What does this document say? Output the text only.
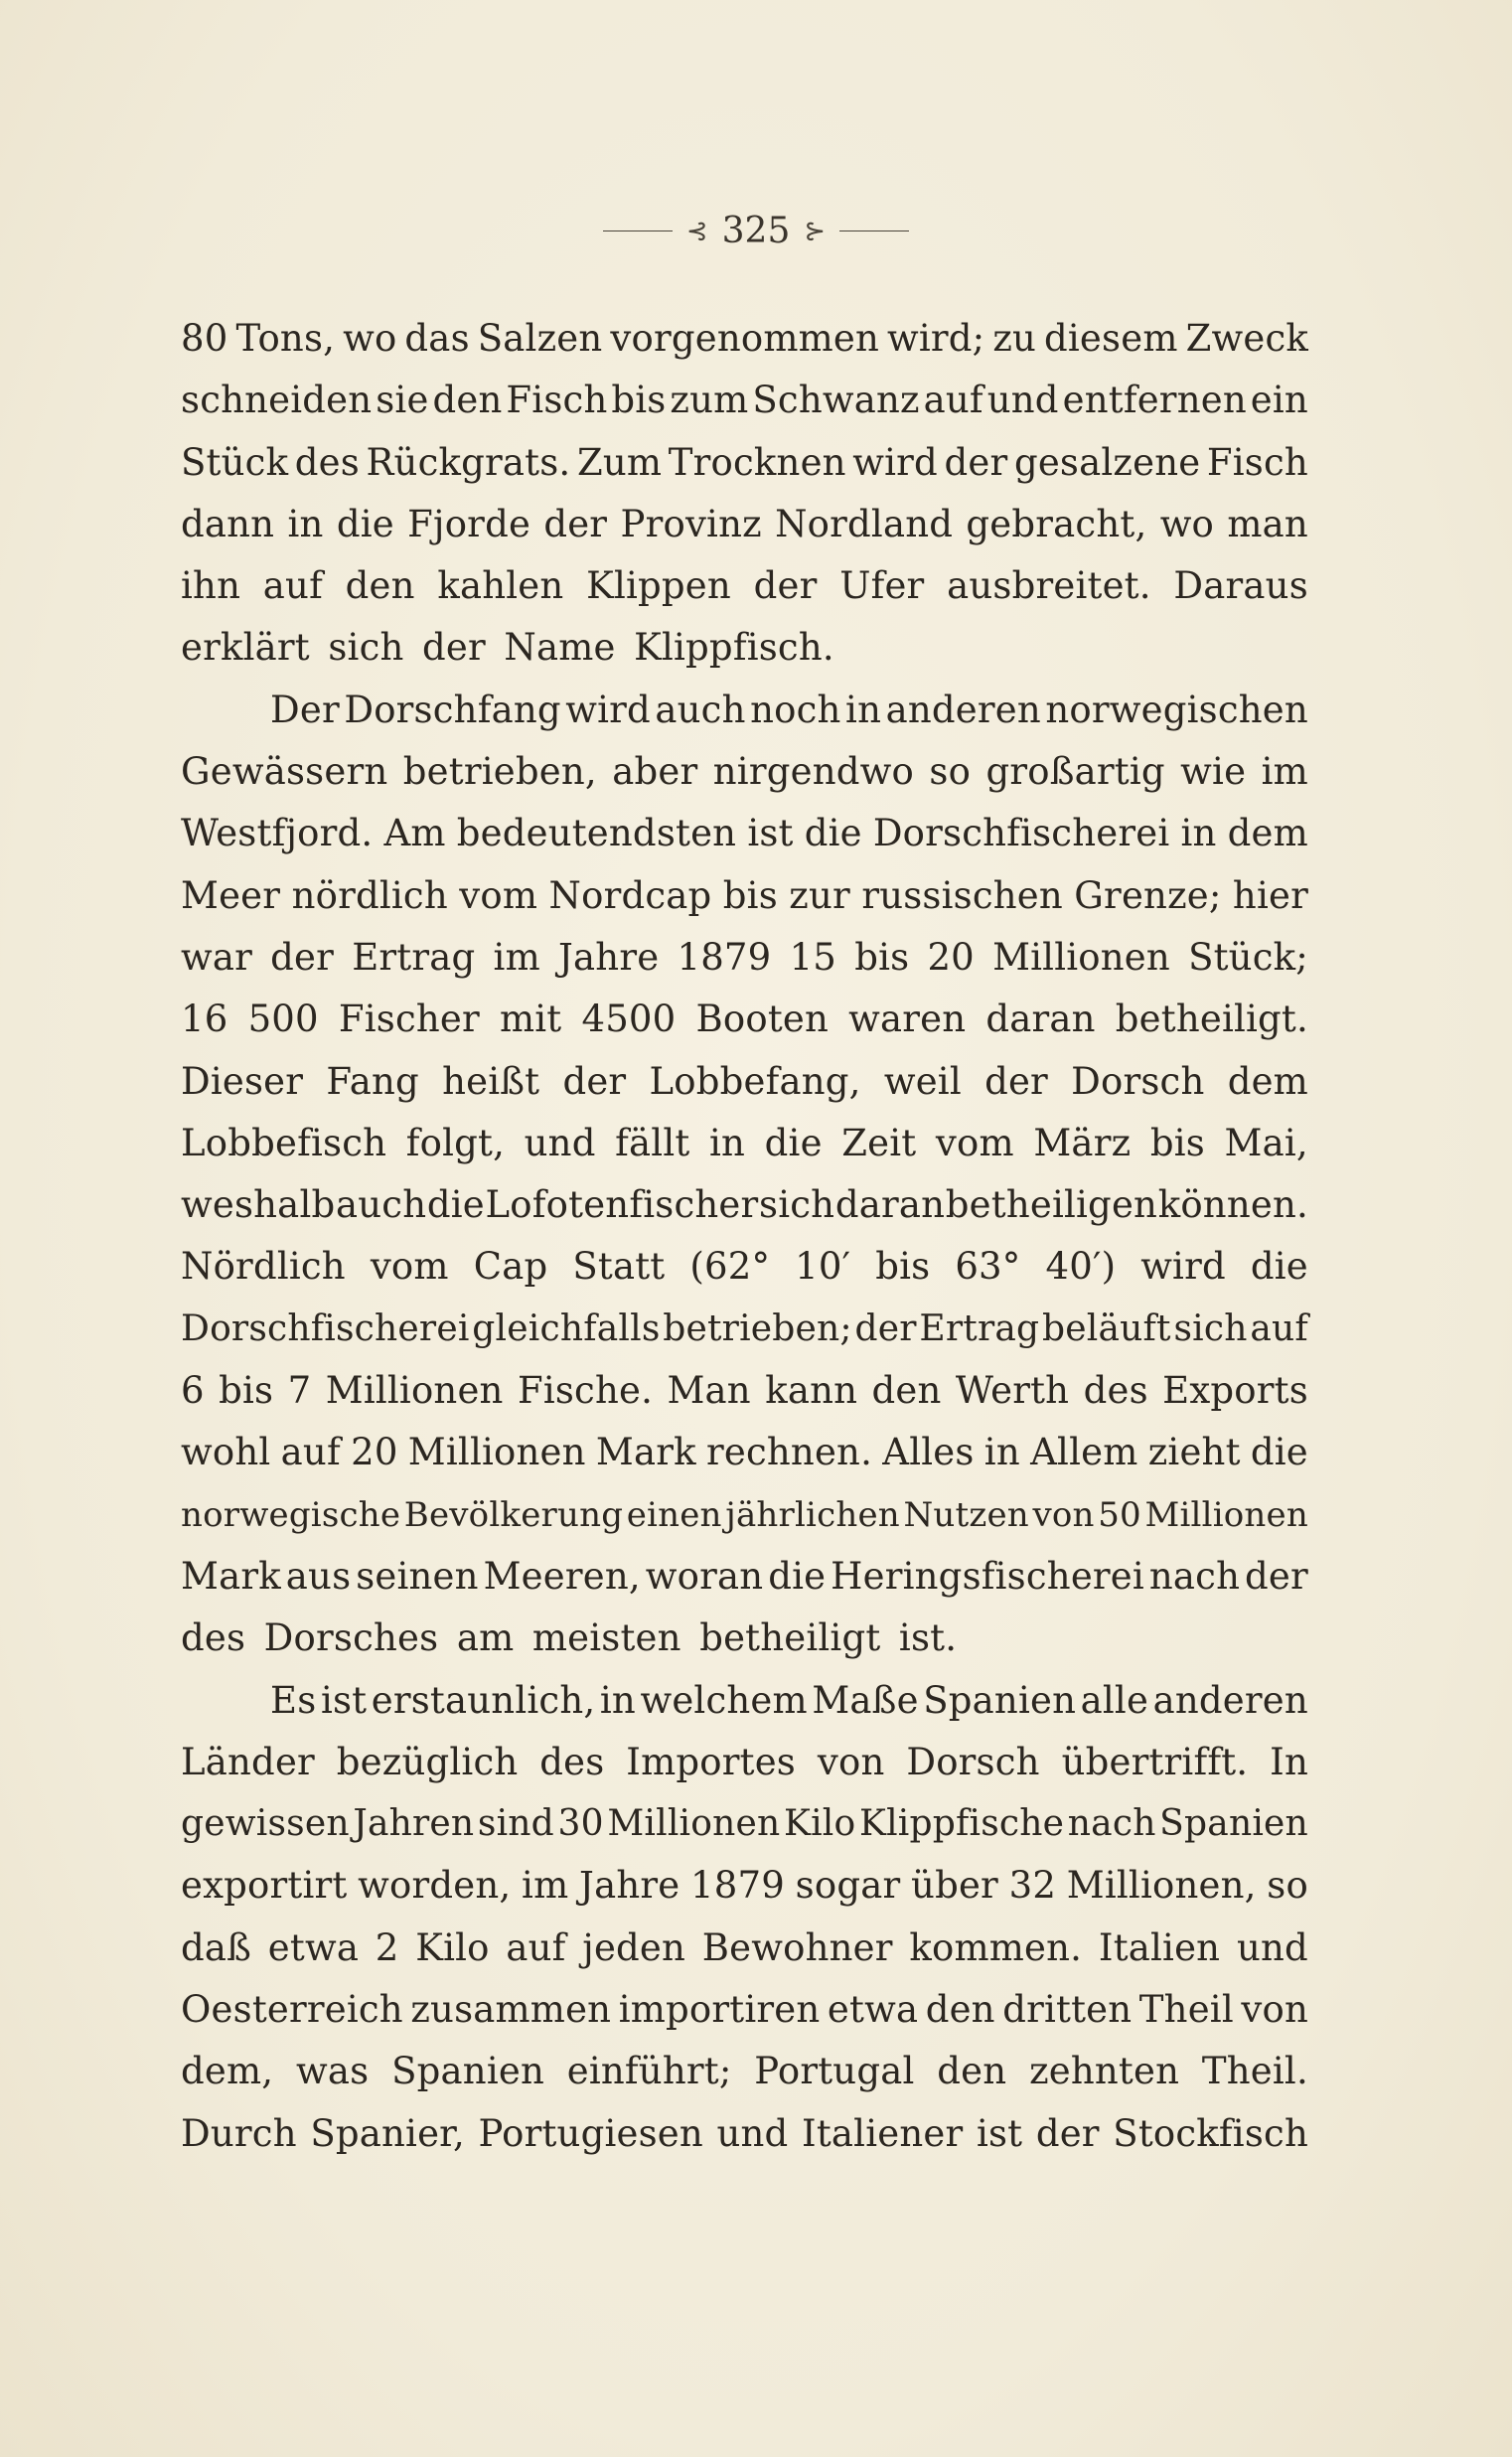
⊰ 325 ⊱
80 Tons, wo das Salzen vorgenommen wird; zu diesem Zweck
schneiden sie den Fisch bis zum Schwanz auf und entfernen ein
Stück des Rückgrats. Zum Trocknen wird der gesalzene Fisch
dann in die Fjorde der Provinz Nordland gebracht, wo man
ihn auf den kahlen Klippen der Ufer ausbreitet. Daraus
erklärt sich der Name Klippfisch.
Der Dorschfang wird auch noch in anderen norwegischen
Gewässern betrieben, aber nirgendwo so großartig wie im
Westfjord. Am bedeutendsten ist die Dorschfischerei in dem
Meer nördlich vom Nordcap bis zur russischen Grenze; hier
war der Ertrag im Jahre 1879 15 bis 20 Millionen Stück;
16 500 Fischer mit 4500 Booten waren daran betheiligt.
Dieser Fang heißt der Lobbefang, weil der Dorsch dem
Lobbefisch folgt, und fällt in die Zeit vom März bis Mai,
weshalb auch die Lofotenfischer sich daran betheiligen können.
Nördlich vom Cap Statt (62° 10′ bis 63° 40′) wird die
Dorschfischerei gleichfalls betrieben; der Ertrag beläuft sich auf
6 bis 7 Millionen Fische. Man kann den Werth des Exports
wohl auf 20 Millionen Mark rechnen. Alles in Allem zieht die
norwegische Bevölkerung einen jährlichen Nutzen von 50 Millionen
Mark aus seinen Meeren, woran die Heringsfischerei nach der
des Dorsches am meisten betheiligt ist.
Es ist erstaunlich, in welchem Maße Spanien alle anderen
Länder bezüglich des Importes von Dorsch übertrifft. In
gewissen Jahren sind 30 Millionen Kilo Klippfische nach Spanien
exportirt worden, im Jahre 1879 sogar über 32 Millionen, so
daß etwa 2 Kilo auf jeden Bewohner kommen. Italien und
Oesterreich zusammen importiren etwa den dritten Theil von
dem, was Spanien einführt; Portugal den zehnten Theil.
Durch Spanier, Portugiesen und Italiener ist der Stockfisch
